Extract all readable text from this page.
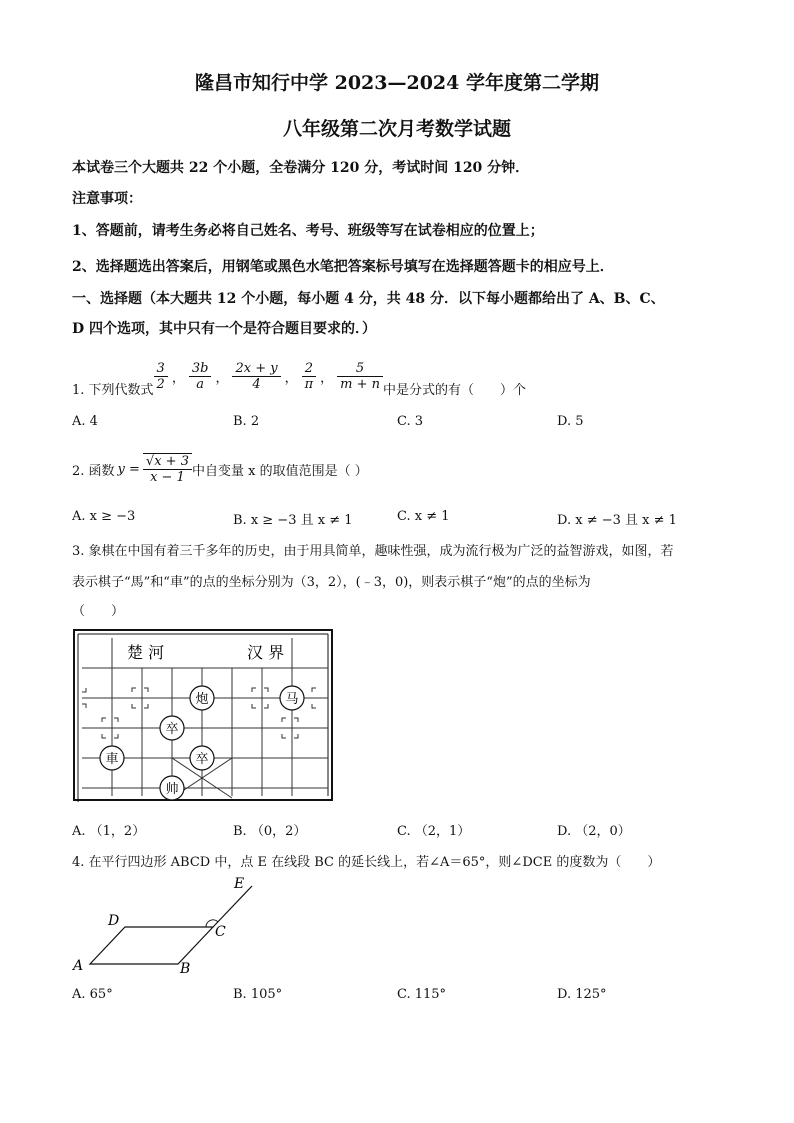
隆昌市知行中学 2023—2024 学年度第二学期
八年级第二次月考数学试题
本试卷三个大题共 22 个小题，全卷满分 120 分，考试时间 120 分钟．
注意事项：
1、答题前，请考生务必将自己姓名、考号、班级等写在试卷相应的位置上；
2、选择题选出答案后，用钢笔或黑色水笔把答案标号填写在选择题答题卡的相应号上．
一、选择题（本大题共 12 个小题，每小题 4 分，共 48 分．以下每小题都给出了 A、B、C、
D 四个选项，其中只有一个是符合题目要求的．）
1. 下列代数式 $\frac{3}{2}$ ， $\frac{3b}{a}$ ， $\frac{2x + y}{4}$ ， $\frac{2}{\pi}$ ， $\frac{5}{m + n}$ 中是分式的有（　　）个
A. 4	B. 2	C. 3	D. 5
2. 函数 $y = \frac{√x + 3}{x - 1}$ 中自变量 x 的取值范围是（ ）
A. x ≥ −3	B. x ≥ −3 且 x ≠ 1	C. x ≠ 1	D. x ≠ −3 且 x ≠ 1
3. 象棋在中国有着三千多年的历史，由于用具简单，趣味性强，成为流行极为广泛的益智游戏，如图，若
表示棋子“馬”和“車”的点的坐标分别为（3，2），(﹣3，0)，则表示棋子“炮”的点的坐标为
（　　）
楚 河	汉 界
炮	马
卒
車	卒
帅
A. （1，2）	B. （0，2）	C. （2，1）	D. （2，0）
4. 在平行四边形 ABCD 中，点 E 在线段 BC 的延长线上，若∠A＝65°，则∠DCE 的度数为（　　）
A	B
C
D
E
A. 65°	B. 105°	C. 115°	D. 125°
